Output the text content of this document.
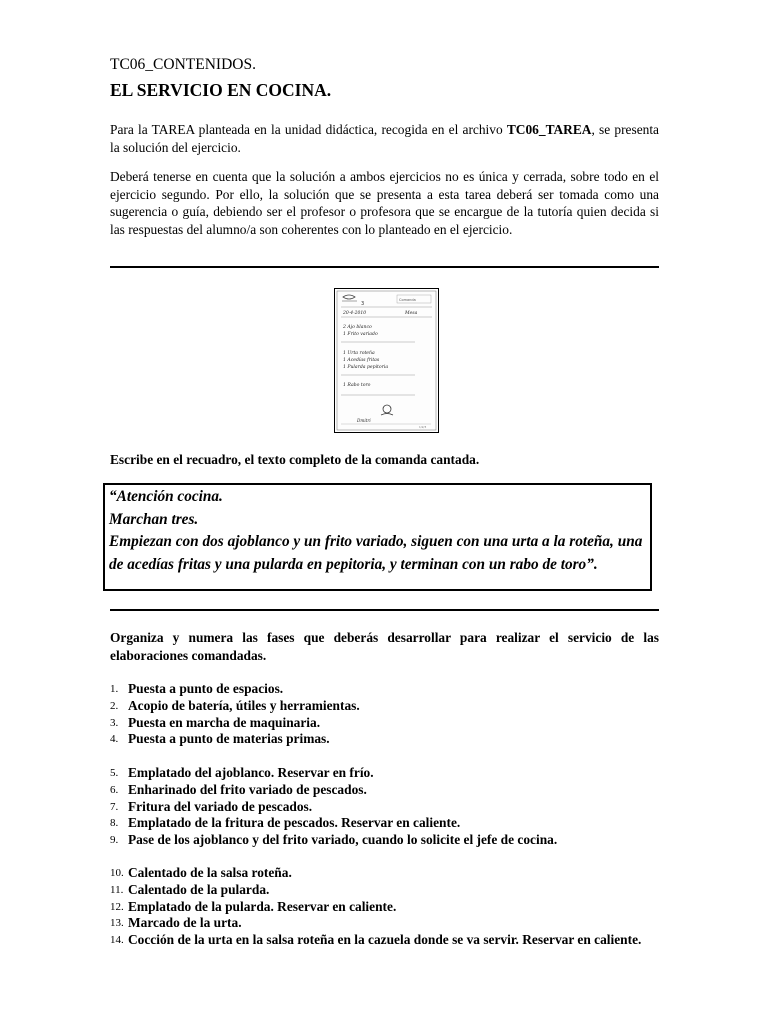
TC06_CONTENIDOS.
EL SERVICIO EN COCINA.
Para la TAREA planteada en la unidad didáctica, recogida en el archivo TC06_TAREA, se presenta la solución del ejercicio.
Deberá tenerse en cuenta que la solución a ambos ejercicios no es única y cerrada, sobre todo en el ejercicio segundo. Por ello, la solución que se presenta a esta tarea deberá ser tomada como una sugerencia o guía, debiendo ser el profesor o profesora que se encargue de la tutoría quien decida si las respuestas del alumno/a son coherentes con lo planteado en el ejercicio.
Comanda
3
20-4-2010	Mesa
2 Ajo blanco
1 Frito variado
1 Urta roteña
1 Acedías fritas
1 Pularda pepitoria
1 Rabo toro
Dmitri
1/2/3
Escribe en el recuadro, el texto completo de la comanda cantada.
“Atención cocina.
Marchan tres.
Empiezan con dos ajoblanco y un frito variado, siguen con una urta a la roteña, una de acedías fritas y una pularda en pepitoria, y terminan con un rabo de toro”.
Organiza y numera las fases que deberás desarrollar para realizar el servicio de las elaboraciones comandadas.
1. Puesta a punto de espacios.
2. Acopio de batería, útiles y herramientas.
3. Puesta en marcha de maquinaria.
4. Puesta a punto de materias primas.
5. Emplatado del ajoblanco. Reservar en frío.
6. Enharinado del frito variado de pescados.
7. Fritura del variado de pescados.
8. Emplatado de la fritura de pescados. Reservar en caliente.
9. Pase de los ajoblanco y del frito variado, cuando lo solicite el jefe de cocina.
10. Calentado de la salsa roteña.
11. Calentado de la pularda.
12. Emplatado de la pularda. Reservar en caliente.
13. Marcado de la urta.
14. Cocción de la urta en la salsa roteña en la cazuela donde se va servir. Reservar en caliente.
